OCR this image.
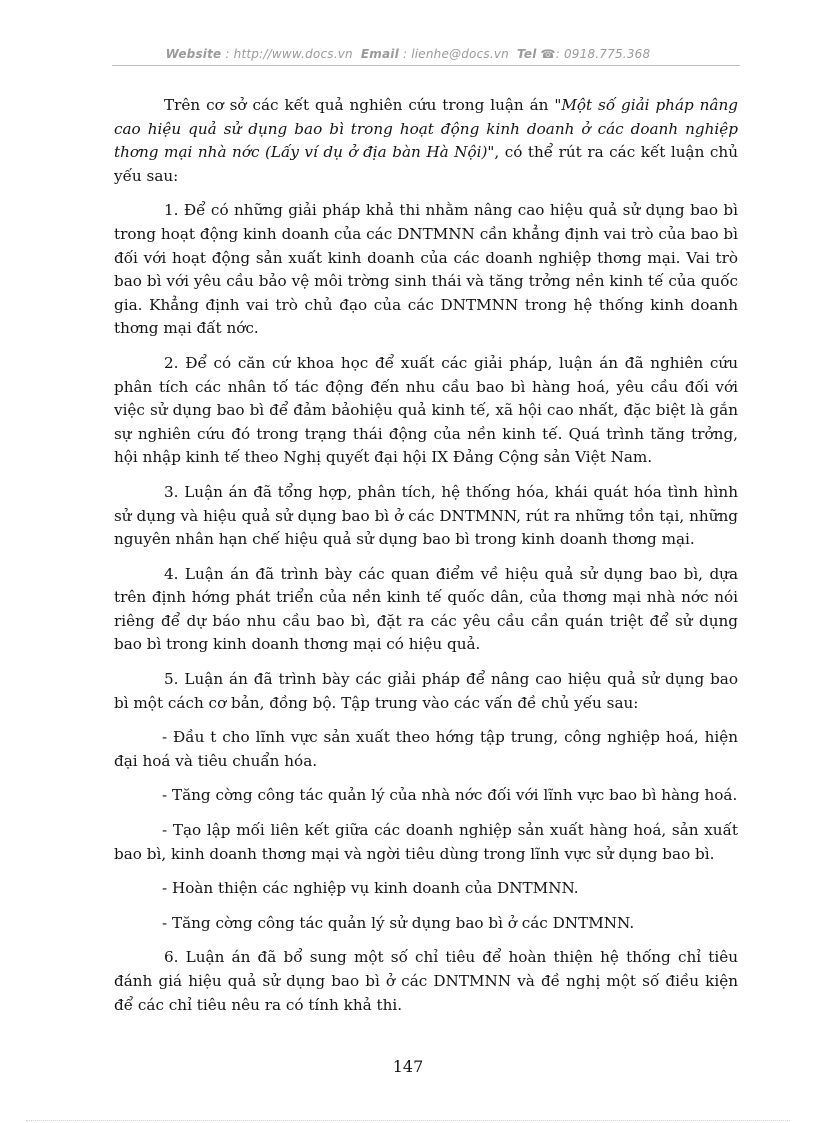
Website : http://www.docs.vn Email : lienhe@docs.vn Tel ☎: 0918.775.368

Trên cơ sở các kết quả nghiên cứu trong luận án "Một số giải pháp nâng cao hiệu quả sử dụng bao bì trong hoạt động kinh doanh ở các doanh nghiệp thơng mại nhà nớc (Lấy ví dụ ở địa bàn Hà Nội)", có thể rút ra các kết luận chủ yếu sau:

1. Để có những giải pháp khả thi nhằm nâng cao hiệu quả sử dụng bao bì trong hoạt động kinh doanh của các DNTMNN cần khẳng định vai trò của bao bì đối với hoạt động sản xuất kinh doanh của các doanh nghiệp thơng mại. Vai trò bao bì với yêu cầu bảo vệ môi trờng sinh thái và tăng trởng nền kinh tế của quốc gia. Khẳng định vai trò chủ đạo của các DNTMNN trong hệ thống kinh doanh thơng mại đất nớc.

2. Để có căn cứ khoa học để xuất các giải pháp, luận án đã nghiên cứu phân tích các nhân tố tác động đến nhu cầu bao bì hàng hoá, yêu cầu đối với việc sử dụng bao bì để đảm bảohiệu quả kinh tế, xã hội cao nhất, đặc biệt là gắn sự nghiên cứu đó trong trạng thái động của nền kinh tế. Quá trình tăng trởng, hội nhập kinh tế theo Nghị quyết đại hội IX Đảng Cộng sản Việt Nam.

3. Luận án đã tổng hợp, phân tích, hệ thống hóa, khái quát hóa tình hình sử dụng và hiệu quả sử dụng bao bì ở các DNTMNN, rút ra những tồn tại, những nguyên nhân hạn chế hiệu quả sử dụng bao bì trong kinh doanh thơng mại.

4. Luận án đã trình bày các quan điểm về hiệu quả sử dụng bao bì, dựa trên định hớng phát triển của nền kinh tế quốc dân, của thơng mại nhà nớc nói riêng để dự báo nhu cầu bao bì, đặt ra các yêu cầu cần quán triệt để sử dụng bao bì trong kinh doanh thơng mại có hiệu quả.

5. Luận án đã trình bày các giải pháp để nâng cao hiệu quả sử dụng bao bì một cách cơ bản, đồng bộ. Tập trung vào các vấn đề chủ yếu sau:

- Đầu t cho lĩnh vực sản xuất theo hớng tập trung, công nghiệp hoá, hiện đại hoá và tiêu chuẩn hóa.

- Tăng cờng công tác quản lý của nhà nớc đối với lĩnh vực bao bì hàng hoá.

- Tạo lập mối liên kết giữa các doanh nghiệp sản xuất hàng hoá, sản xuất bao bì, kinh doanh thơng mại và ngời tiêu dùng trong lĩnh vực sử dụng bao bì.

- Hoàn thiện các nghiệp vụ kinh doanh của DNTMNN.

- Tăng cờng công tác quản lý sử dụng bao bì ở các DNTMNN.

6. Luận án đã bổ sung một số chỉ tiêu để hoàn thiện hệ thống chỉ tiêu đánh giá hiệu quả sử dụng bao bì ở các DNTMNN và đề nghị một số điều kiện để các chỉ tiêu nêu ra có tính khả thi.

147
